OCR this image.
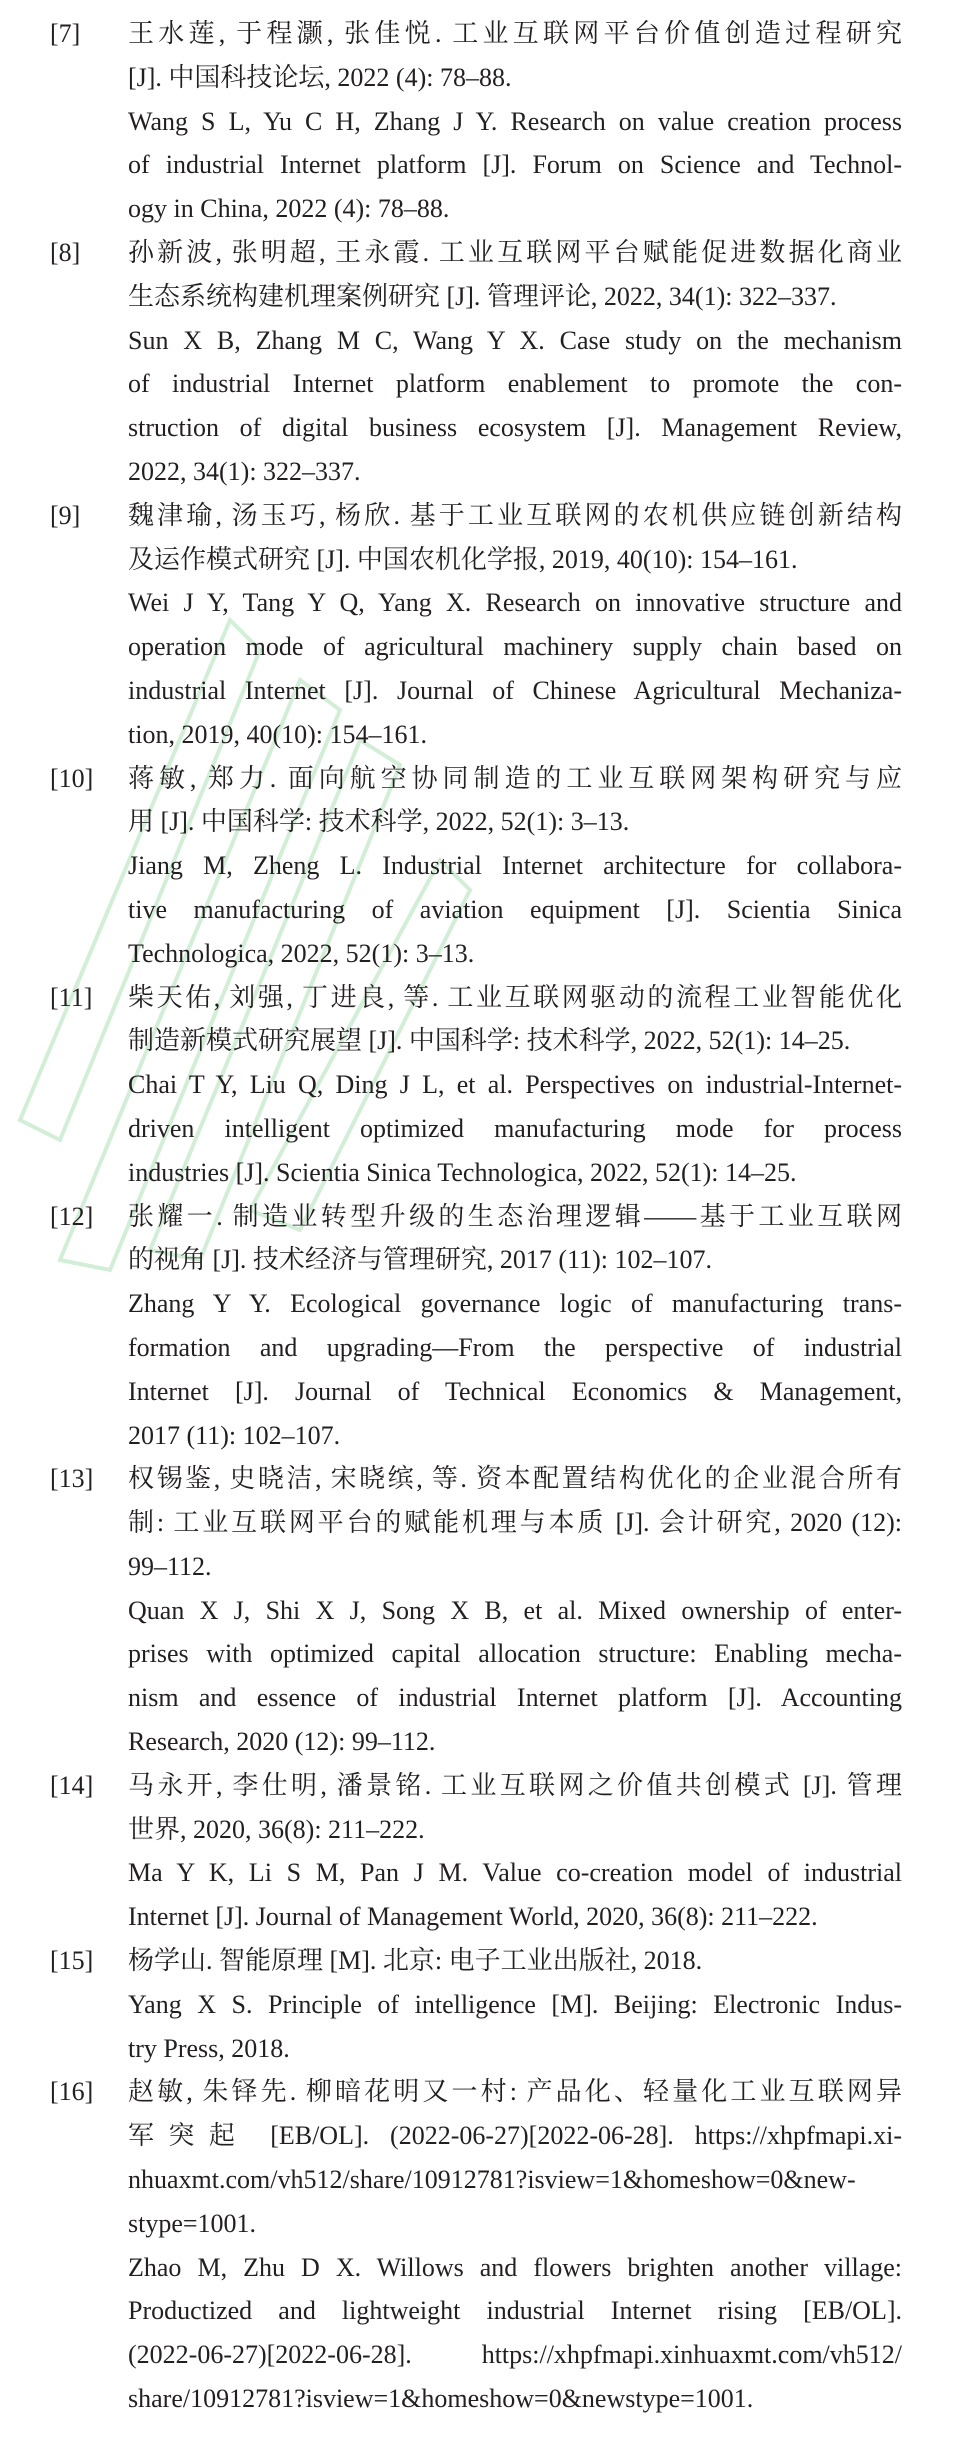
[7]	王水莲, 于程灏, 张佳悦. 工业互联网平台价值创造过程研究
[J]. 中国科技论坛, 2022 (4): 78–88.
Wang S L, Yu C H, Zhang J Y. Research on value creation process
of industrial Internet platform [J]. Forum on Science and Technol-
ogy in China, 2022 (4): 78–88.
[8]	孙新波, 张明超, 王永霞. 工业互联网平台赋能促进数据化商业
生态系统构建机理案例研究 [J]. 管理评论, 2022, 34(1): 322–337.
Sun X B, Zhang M C, Wang Y X. Case study on the mechanism
of industrial Internet platform enablement to promote the con-
struction of digital business ecosystem [J]. Management Review,
2022, 34(1): 322–337.
[9]	魏津瑜, 汤玉巧, 杨欣. 基于工业互联网的农机供应链创新结构
及运作模式研究 [J]. 中国农机化学报, 2019, 40(10): 154–161.
Wei J Y, Tang Y Q, Yang X. Research on innovative structure and
operation mode of agricultural machinery supply chain based on
industrial Internet [J]. Journal of Chinese Agricultural Mechaniza-
tion, 2019, 40(10): 154–161.
[10]	蒋敏, 郑力. 面向航空协同制造的工业互联网架构研究与应
用 [J]. 中国科学: 技术科学, 2022, 52(1): 3–13.
Jiang M, Zheng L. Industrial Internet architecture for collabora-
tive manufacturing of aviation equipment [J]. Scientia Sinica
Technologica, 2022, 52(1): 3–13.
[11]	柴天佑, 刘强, 丁进良, 等. 工业互联网驱动的流程工业智能优化
制造新模式研究展望 [J]. 中国科学: 技术科学, 2022, 52(1): 14–25.
Chai T Y, Liu Q, Ding J L, et al. Perspectives on industrial-Internet-
driven intelligent optimized manufacturing mode for process
industries [J]. Scientia Sinica Technologica, 2022, 52(1): 14–25.
[12]	张耀一. 制造业转型升级的生态治理逻辑——基于工业互联网
的视角 [J]. 技术经济与管理研究, 2017 (11): 102–107.
Zhang Y Y. Ecological governance logic of manufacturing trans-
formation and upgrading—From the perspective of industrial
Internet [J]. Journal of Technical Economics & Management,
2017 (11): 102–107.
[13]	权锡鉴, 史晓洁, 宋晓缤, 等. 资本配置结构优化的企业混合所有
制: 工业互联网平台的赋能机理与本质 [J]. 会计研究, 2020 (12):
99–112.
Quan X J, Shi X J, Song X B, et al. Mixed ownership of enter-
prises with optimized capital allocation structure: Enabling mecha-
nism and essence of industrial Internet platform [J]. Accounting
Research, 2020 (12): 99–112.
[14]	马永开, 李仕明, 潘景铭. 工业互联网之价值共创模式 [J]. 管理
世界, 2020, 36(8): 211–222.
Ma Y K, Li S M, Pan J M. Value co-creation model of industrial
Internet [J]. Journal of Management World, 2020, 36(8): 211–222.
[15]	杨学山. 智能原理 [M]. 北京: 电子工业出版社, 2018.
Yang X S. Principle of intelligence [M]. Beijing: Electronic Indus-
try Press, 2018.
[16]	赵敏, 朱铎先. 柳暗花明又一村: 产品化、轻量化工业互联网异
军突起 [EB/OL]. (2022-06-27)[2022-06-28]. https://xhpfmapi.xi-
nhuaxmt.com/vh512/share/10912781?isview=1&homeshow=0&new-
stype=1001.
Zhao M, Zhu D X. Willows and flowers brighten another village:
Productized and lightweight industrial Internet rising [EB/OL].
(2022-06-27)[2022-06-28]. https://xhpfmapi.xinhuaxmt.com/vh512/
share/10912781?isview=1&homeshow=0&newstype=1001.
